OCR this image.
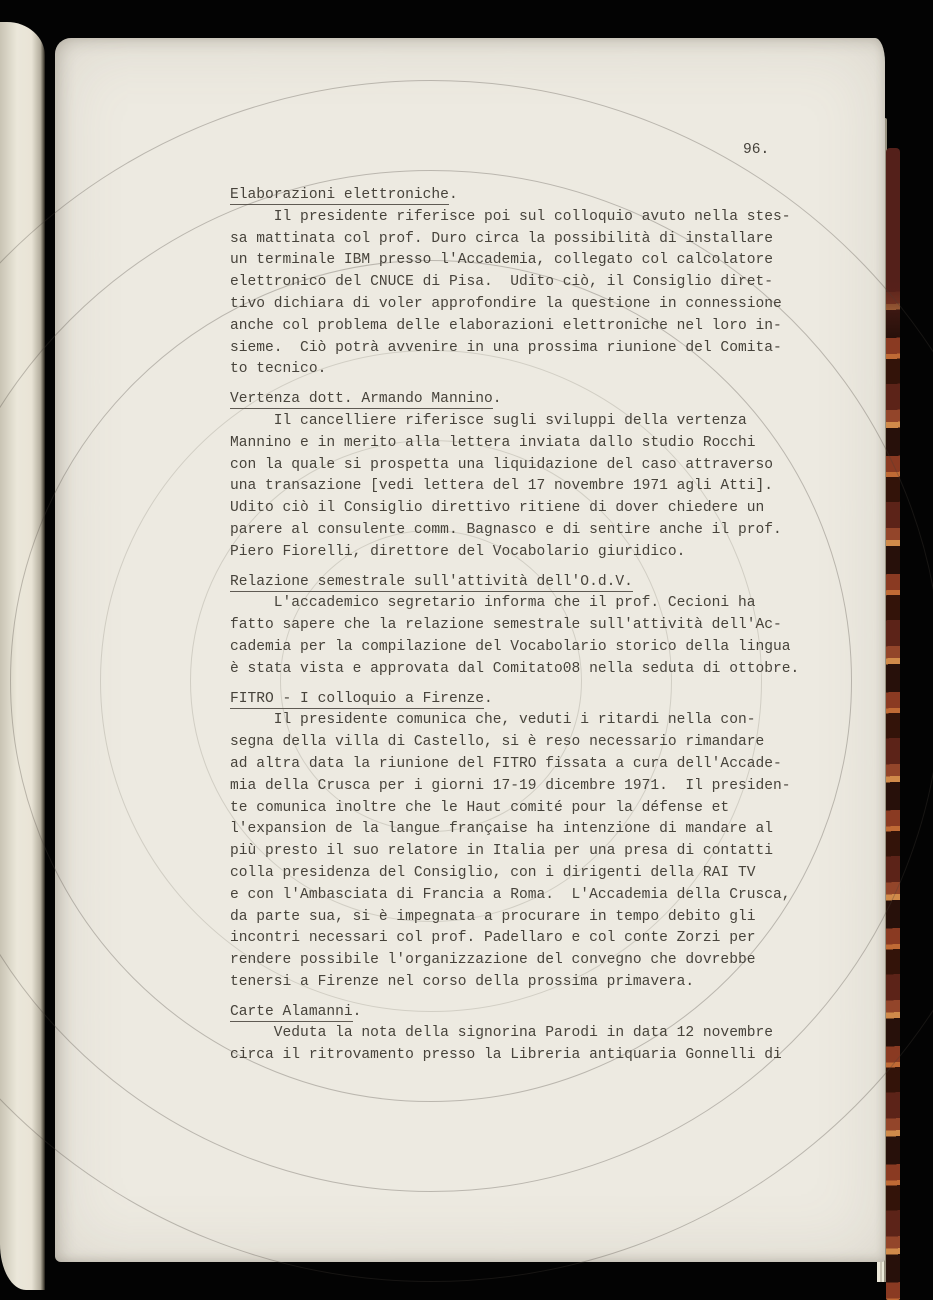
96.
Elaborazioni elettroniche.
Il presidente riferisce poi sul colloquio avuto nella stes-
sa mattinata col prof. Duro circa la possibilità di installare
un terminale IBM presso l'Accademia, collegato col calcolatore
elettronico del CNUCE di Pisa.  Udito ciò, il Consiglio diret-
tivo dichiara di voler approfondire la questione in connessione
anche col problema delle elaborazioni elettroniche nel loro in-
sieme.  Ciò potrà avvenire in una prossima riunione del Comita-
to tecnico.
Vertenza dott. Armando Mannino.
Il cancelliere riferisce sugli sviluppi della vertenza
Mannino e in merito alla lettera inviata dallo studio Rocchi
con la quale si prospetta una liquidazione del caso attraverso
una transazione [vedi lettera del 17 novembre 1971 agli Atti].
Udito ciò il Consiglio direttivo ritiene di dover chiedere un
parere al consulente comm. Bagnasco e di sentire anche il prof.
Piero Fiorelli, direttore del Vocabolario giuridico.
Relazione semestrale sull'attività dell'O.d.V.
L'accademico segretario informa che il prof. Cecioni ha
fatto sapere che la relazione semestrale sull'attività dell'Ac-
cademia per la compilazione del Vocabolario storico della lingua
è stata vista e approvata dal Comitato08 nella seduta di ottobre.
FITRO - I colloquio a Firenze.
Il presidente comunica che, veduti i ritardi nella con-
segna della villa di Castello, si è reso necessario rimandare
ad altra data la riunione del FITRO fissata a cura dell'Accade-
mia della Crusca per i giorni 17-19 dicembre 1971.  Il presiden-
te comunica inoltre che le Haut comité pour la défense et
l'expansion de la langue française ha intenzione di mandare al
più presto il suo relatore in Italia per una presa di contatti
colla presidenza del Consiglio, con i dirigenti della RAI TV
e con l'Ambasciata di Francia a Roma.  L'Accademia della Crusca,
da parte sua, si è impegnata a procurare in tempo debito gli
incontri necessari col prof. Padellaro e col conte Zorzi per
rendere possibile l'organizzazione del convegno che dovrebbe
tenersi a Firenze nel corso della prossima primavera.
Carte Alamanni.
Veduta la nota della signorina Parodi in data 12 novembre
circa il ritrovamento presso la Libreria antiquaria Gonnelli di
